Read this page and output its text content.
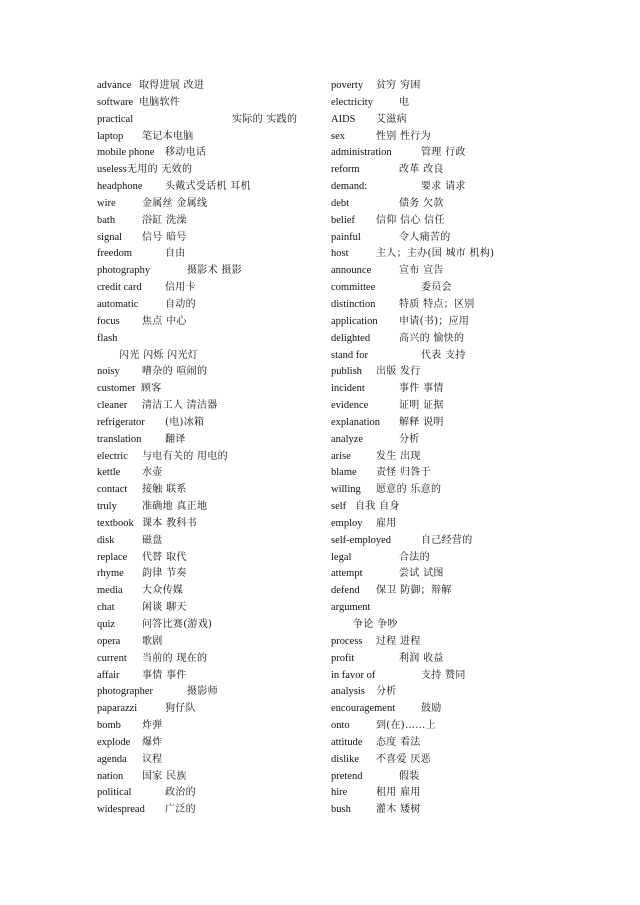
advance 取得进展 改进
software 电脑软件
practical	实际的 实践的
laptop 笔记本电脑
mobile phone 移动电话
useless 无用的 无效的
headphone 头戴式受话机 耳机
wire	金属丝 金属线
bath	浴缸 洗澡
signal 信号 暗号
freedom	自由
photography	摄影术 摄影
credit card 信用卡
automatic	自动的
focus 焦点 中心
flash
闪光 闪烁 闪光灯
noisy 嘈杂的 喧闹的
customer 顾客
cleaner 清洁工人 清洁器
refrigerator (电)冰箱
translation 翻译
electric 与电有关的 用电的
kettle 水壶
contact 接触 联系
truly	准确地 真正地
textbook 课本 教科书
disk	磁盘
replace 代替 取代
rhyme 韵律 节奏
media 大众传媒
chat	闲谈 聊天
quiz	问答比赛(游戏)
opera 歌剧
current 当前的 现在的
affair 事情 事件
photographer	摄影师
paparazzi	狗仔队
bomb 炸弹
explode 爆炸
agenda 议程
nation 国家 民族
political	政治的
widespread 广泛的
poverty 贫穷 穷困
electricity	电
AIDS 艾滋病
sex	性别 性行为
administration	管理 行政
reform	改革 改良
demand:	要求 请求
debt	债务 欠款
belief 信仰 信心 信任
painful	令人痛苦的
host	主人；主办(国 城市 机构)
announce	宣布 宣告
committee	委员会
distinction 特质 特点；区别
application 申请(书)；应用
delighted	高兴的 愉快的
stand for	代表 支持
publish 出版 发行
incident	事件 事情
evidence	证明 证据
explanation 解释 说明
analyze	分析
arise	发生 出现
blame 责怪 归咎于
willing 愿意的 乐意的
self 自我 自身
employ 雇用
self-employed	自己经营的
legal	合法的
attempt	尝试 试图
defend 保卫 防御；辩解
argument
争论 争吵
process 过程 进程
profit	利润 收益
in favor of	支持 赞同
analysis 分析
encouragement	鼓励
onto	到(在)……上
attitude 态度 看法
dislike 不喜爱 厌恶
pretend	假装
hire	租用 雇用
bush	灌木 矮树
